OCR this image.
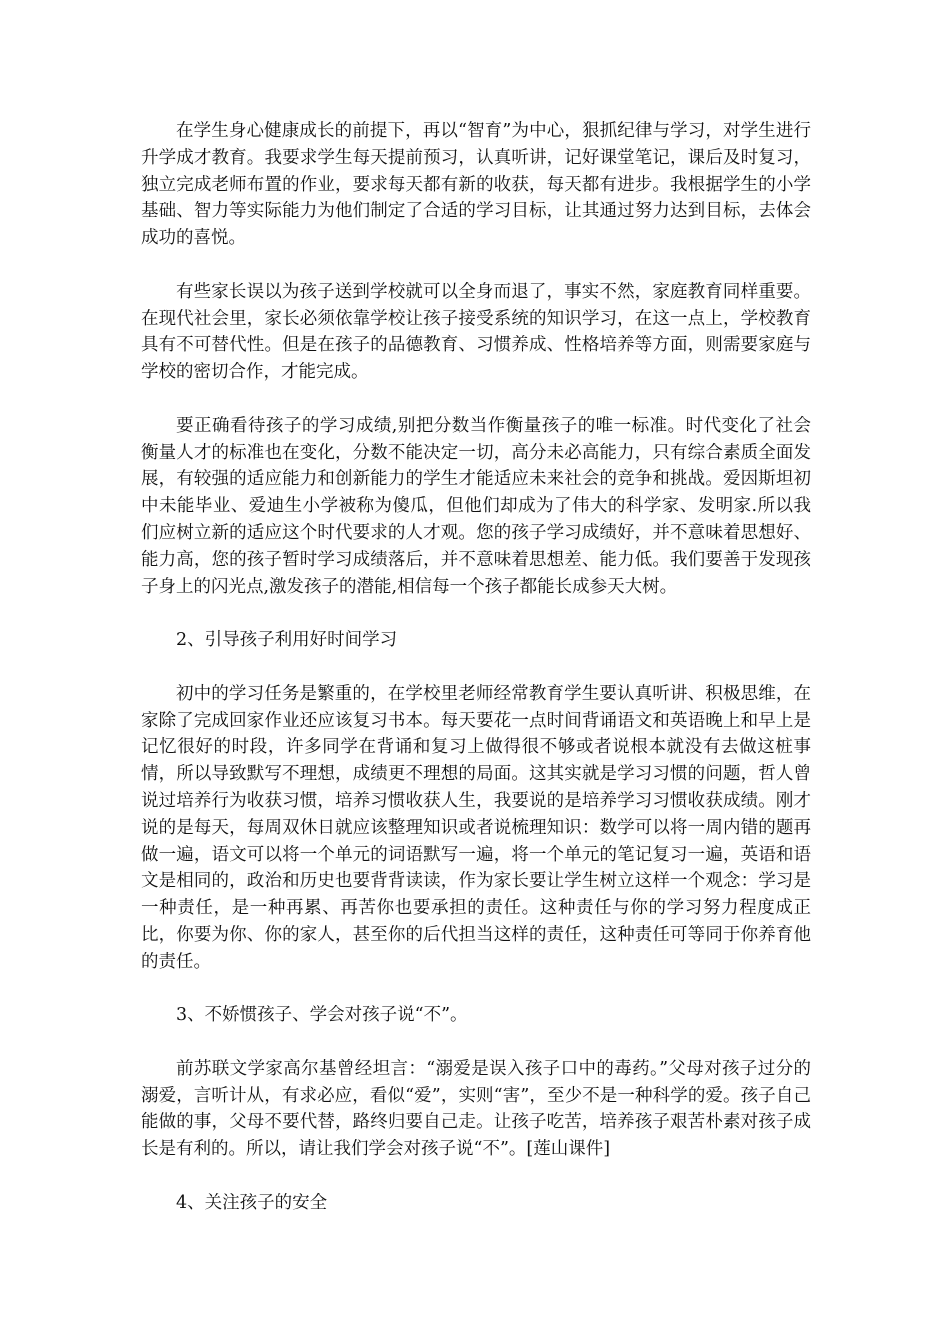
在学生身心健康成长的前提下，再以“智育”为中心，狠抓纪律与学习，对学生进行升学成才教育。我要求学生每天提前预习，认真听讲，记好课堂笔记，课后及时复习，独立完成老师布置的作业，要求每天都有新的收获，每天都有进步。我根据学生的小学基础、智力等实际能力为他们制定了合适的学习目标，让其通过努力达到目标，去体会成功的喜悦。

有些家长误以为孩子送到学校就可以全身而退了，事实不然，家庭教育同样重要。在现代社会里，家长必须依靠学校让孩子接受系统的知识学习，在这一点上，学校教育具有不可替代性。但是在孩子的品德教育、习惯养成、性格培养等方面，则需要家庭与学校的密切合作，才能完成。

要正确看待孩子的学习成绩,别把分数当作衡量孩子的唯一标准。时代变化了社会衡量人才的标准也在变化，分数不能决定一切，高分未必高能力，只有综合素质全面发展，有较强的适应能力和创新能力的学生才能适应未来社会的竞争和挑战。爱因斯坦初中未能毕业、爱迪生小学被称为傻瓜，但他们却成为了伟大的科学家、发明家.所以我们应树立新的适应这个时代要求的人才观。您的孩子学习成绩好，并不意味着思想好、能力高，您的孩子暂时学习成绩落后，并不意味着思想差、能力低。我们要善于发现孩子身上的闪光点,激发孩子的潜能,相信每一个孩子都能长成参天大树。

2、引导孩子利用好时间学习

初中的学习任务是繁重的，在学校里老师经常教育学生要认真听讲、积极思维，在家除了完成回家作业还应该复习书本。每天要花一点时间背诵语文和英语晚上和早上是记忆很好的时段，许多同学在背诵和复习上做得很不够或者说根本就没有去做这桩事情，所以导致默写不理想，成绩更不理想的局面。这其实就是学习习惯的问题，哲人曾说过培养行为收获习惯，培养习惯收获人生，我要说的是培养学习习惯收获成绩。刚才说的是每天，每周双休日就应该整理知识或者说梳理知识：数学可以将一周内错的题再做一遍，语文可以将一个单元的词语默写一遍，将一个单元的笔记复习一遍，英语和语文是相同的，政治和历史也要背背读读，作为家长要让学生树立这样一个观念：学习是一种责任，是一种再累、再苦你也要承担的责任。这种责任与你的学习努力程度成正比，你要为你、你的家人，甚至你的后代担当这样的责任，这种责任可等同于你养育他的责任。

3、不娇惯孩子、学会对孩子说“不”。

前苏联文学家高尔基曾经坦言：“溺爱是误入孩子口中的毒药。”父母对孩子过分的溺爱，言听计从，有求必应，看似“爱”，实则“害”，至少不是一种科学的爱。孩子自己能做的事，父母不要代替，路终归要自己走。让孩子吃苦，培养孩子艰苦朴素对孩子成长是有利的。所以，请让我们学会对孩子说“不”。[莲山课件]

4、关注孩子的安全
